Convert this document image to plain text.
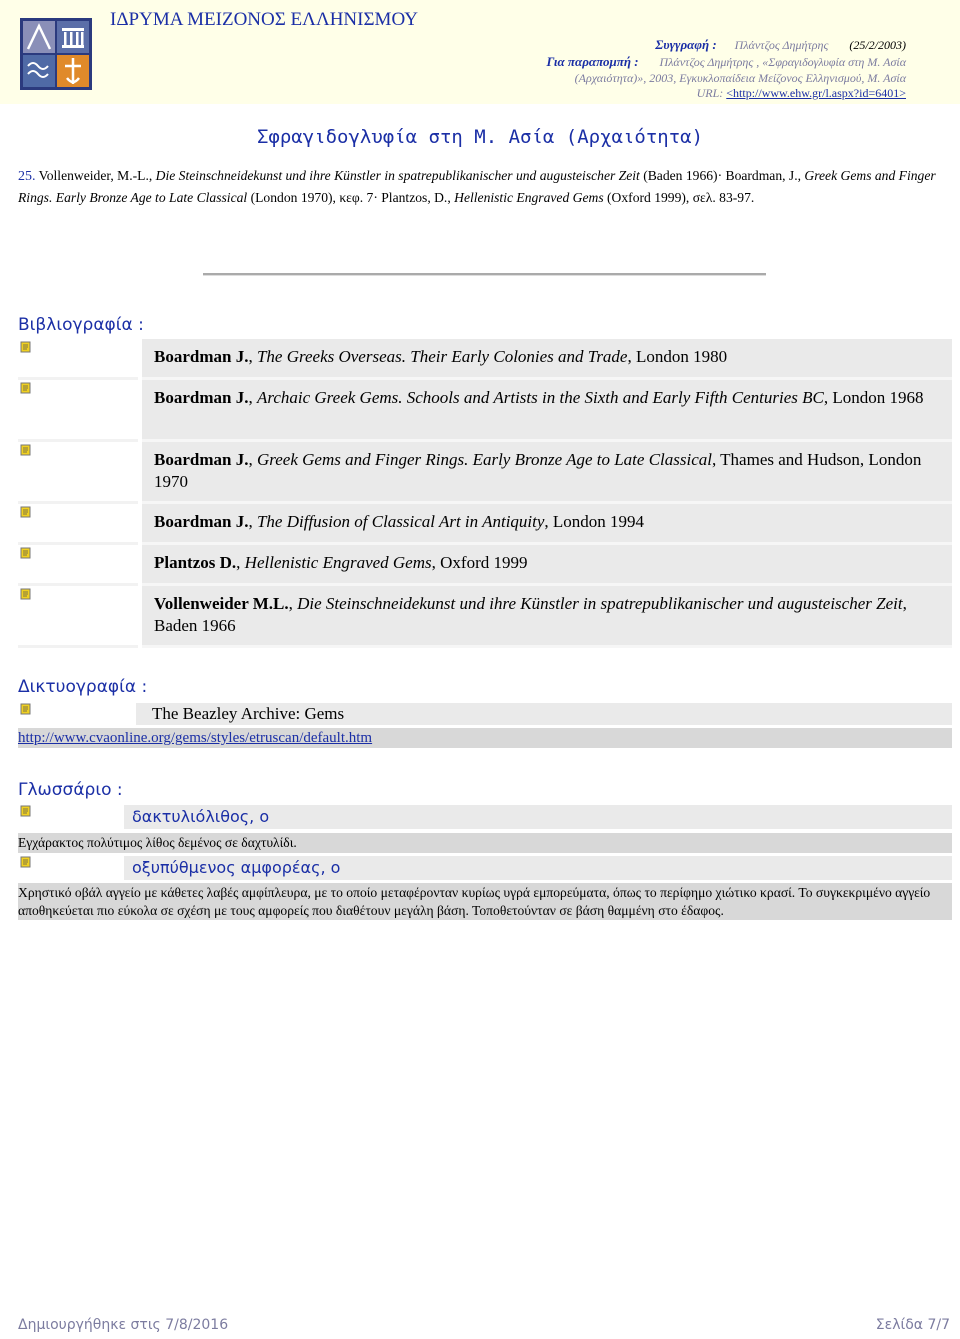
ΙΔΡΥΜΑ ΜΕΙΖΟΝΟΣ ΕΛΛΗΝΙΣΜΟΥ
Συγγραφή : Πλάντζος Δημήτρης (25/2/2003)
Για παραπομπή : Πλάντζος Δημήτρης , «Σφραγιδογλυφία στη Μ. Ασία
(Αρχαιότητα)», 2003, Εγκυκλοπαίδεια Μείζονος Ελληνισμού, Μ. Ασία
URL: <http://www.ehw.gr/l.aspx?id=6401>
Σφραγιδογλυφία στη Μ. Ασία (Αρχαιότητα)
25. Vollenweider, M.-L., Die Steinschneidekunst und ihre Künstler in spatrepublikanischer und augusteischer Zeit (Baden 1966)· Boardman, J., Greek Gems and Finger Rings. Early Bronze Age to Late Classical (London 1970), κεφ. 7· Plantzos, D., Hellenistic Engraved Gems (Oxford 1999), σελ. 83-97.
Βιβλιογραφία :
Boardman J., The Greeks Overseas. Their Early Colonies and Trade, London 1980
Boardman J., Archaic Greek Gems. Schools and Artists in the Sixth and Early Fifth Centuries BC, London 1968
Boardman J., Greek Gems and Finger Rings. Early Bronze Age to Late Classical, Thames and Hudson, London 1970
Boardman J., The Diffusion of Classical Art in Antiquity, London 1994
Plantzos D., Hellenistic Engraved Gems, Oxford 1999
Vollenweider M.L., Die Steinschneidekunst und ihre Künstler in spatrepublikanischer und augusteischer Zeit, Baden 1966
Δικτυογραφία :
The Beazley Archive: Gems
http://www.cvaonline.org/gems/styles/etruscan/default.htm
Γλωσσάριο :
δακτυλιόλιθος, ο
Εγχάρακτος πολύτιμος λίθος δεμένος σε δαχτυλίδι.
οξυπύθμενος αμφορέας, ο
Χρηστικό οβάλ αγγείο με κάθετες λαβές αμφίπλευρα, με το οποίο μεταφέρονταν κυρίως υγρά εμπορεύματα, όπως το περίφημο χιώτικο κρασί. Το συγκεκριμένο αγγείο αποθηκεύεται πιο εύκολα σε σχέση με τους αμφορείς που διαθέτουν μεγάλη βάση. Τοποθετούνταν σε βάση θαμμένη στο έδαφος.
Δημιουργήθηκε στις 7/8/2016	Σελίδα 7/7
